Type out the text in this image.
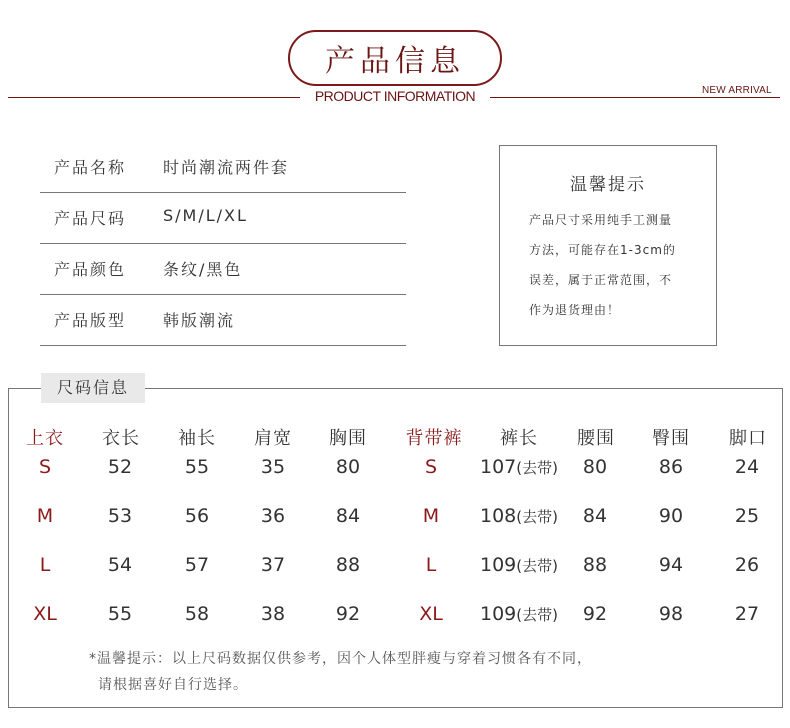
产品信息
PRODUCT INFORMATION	NEW ARRIVAL
产品名称 时尚潮流两件套
产品尺码 S/M/L/XL
产品颜色 条纹/黑色
产品版型 韩版潮流
温馨提示
产品尺寸采用纯手工测量
方法，可能存在1-3cm的
误差，属于正常范围，不
作为退货理由！
尺码信息
上衣	衣长	袖长	肩宽	胸围	背带裤	裤长	腰围	臀围	脚口
S	52	55	35	80	S	107(去带)	80	86	24
M	53	56	36	84	M	108(去带)	84	90	25
L	54	57	37	88	L	109(去带)	88	94	26
XL	55	58	38	92	XL	109(去带)	92	98	27
*温馨提示：以上尺码数据仅供参考，因个人体型胖瘦与穿着习惯各有不同，
请根据喜好自行选择。
